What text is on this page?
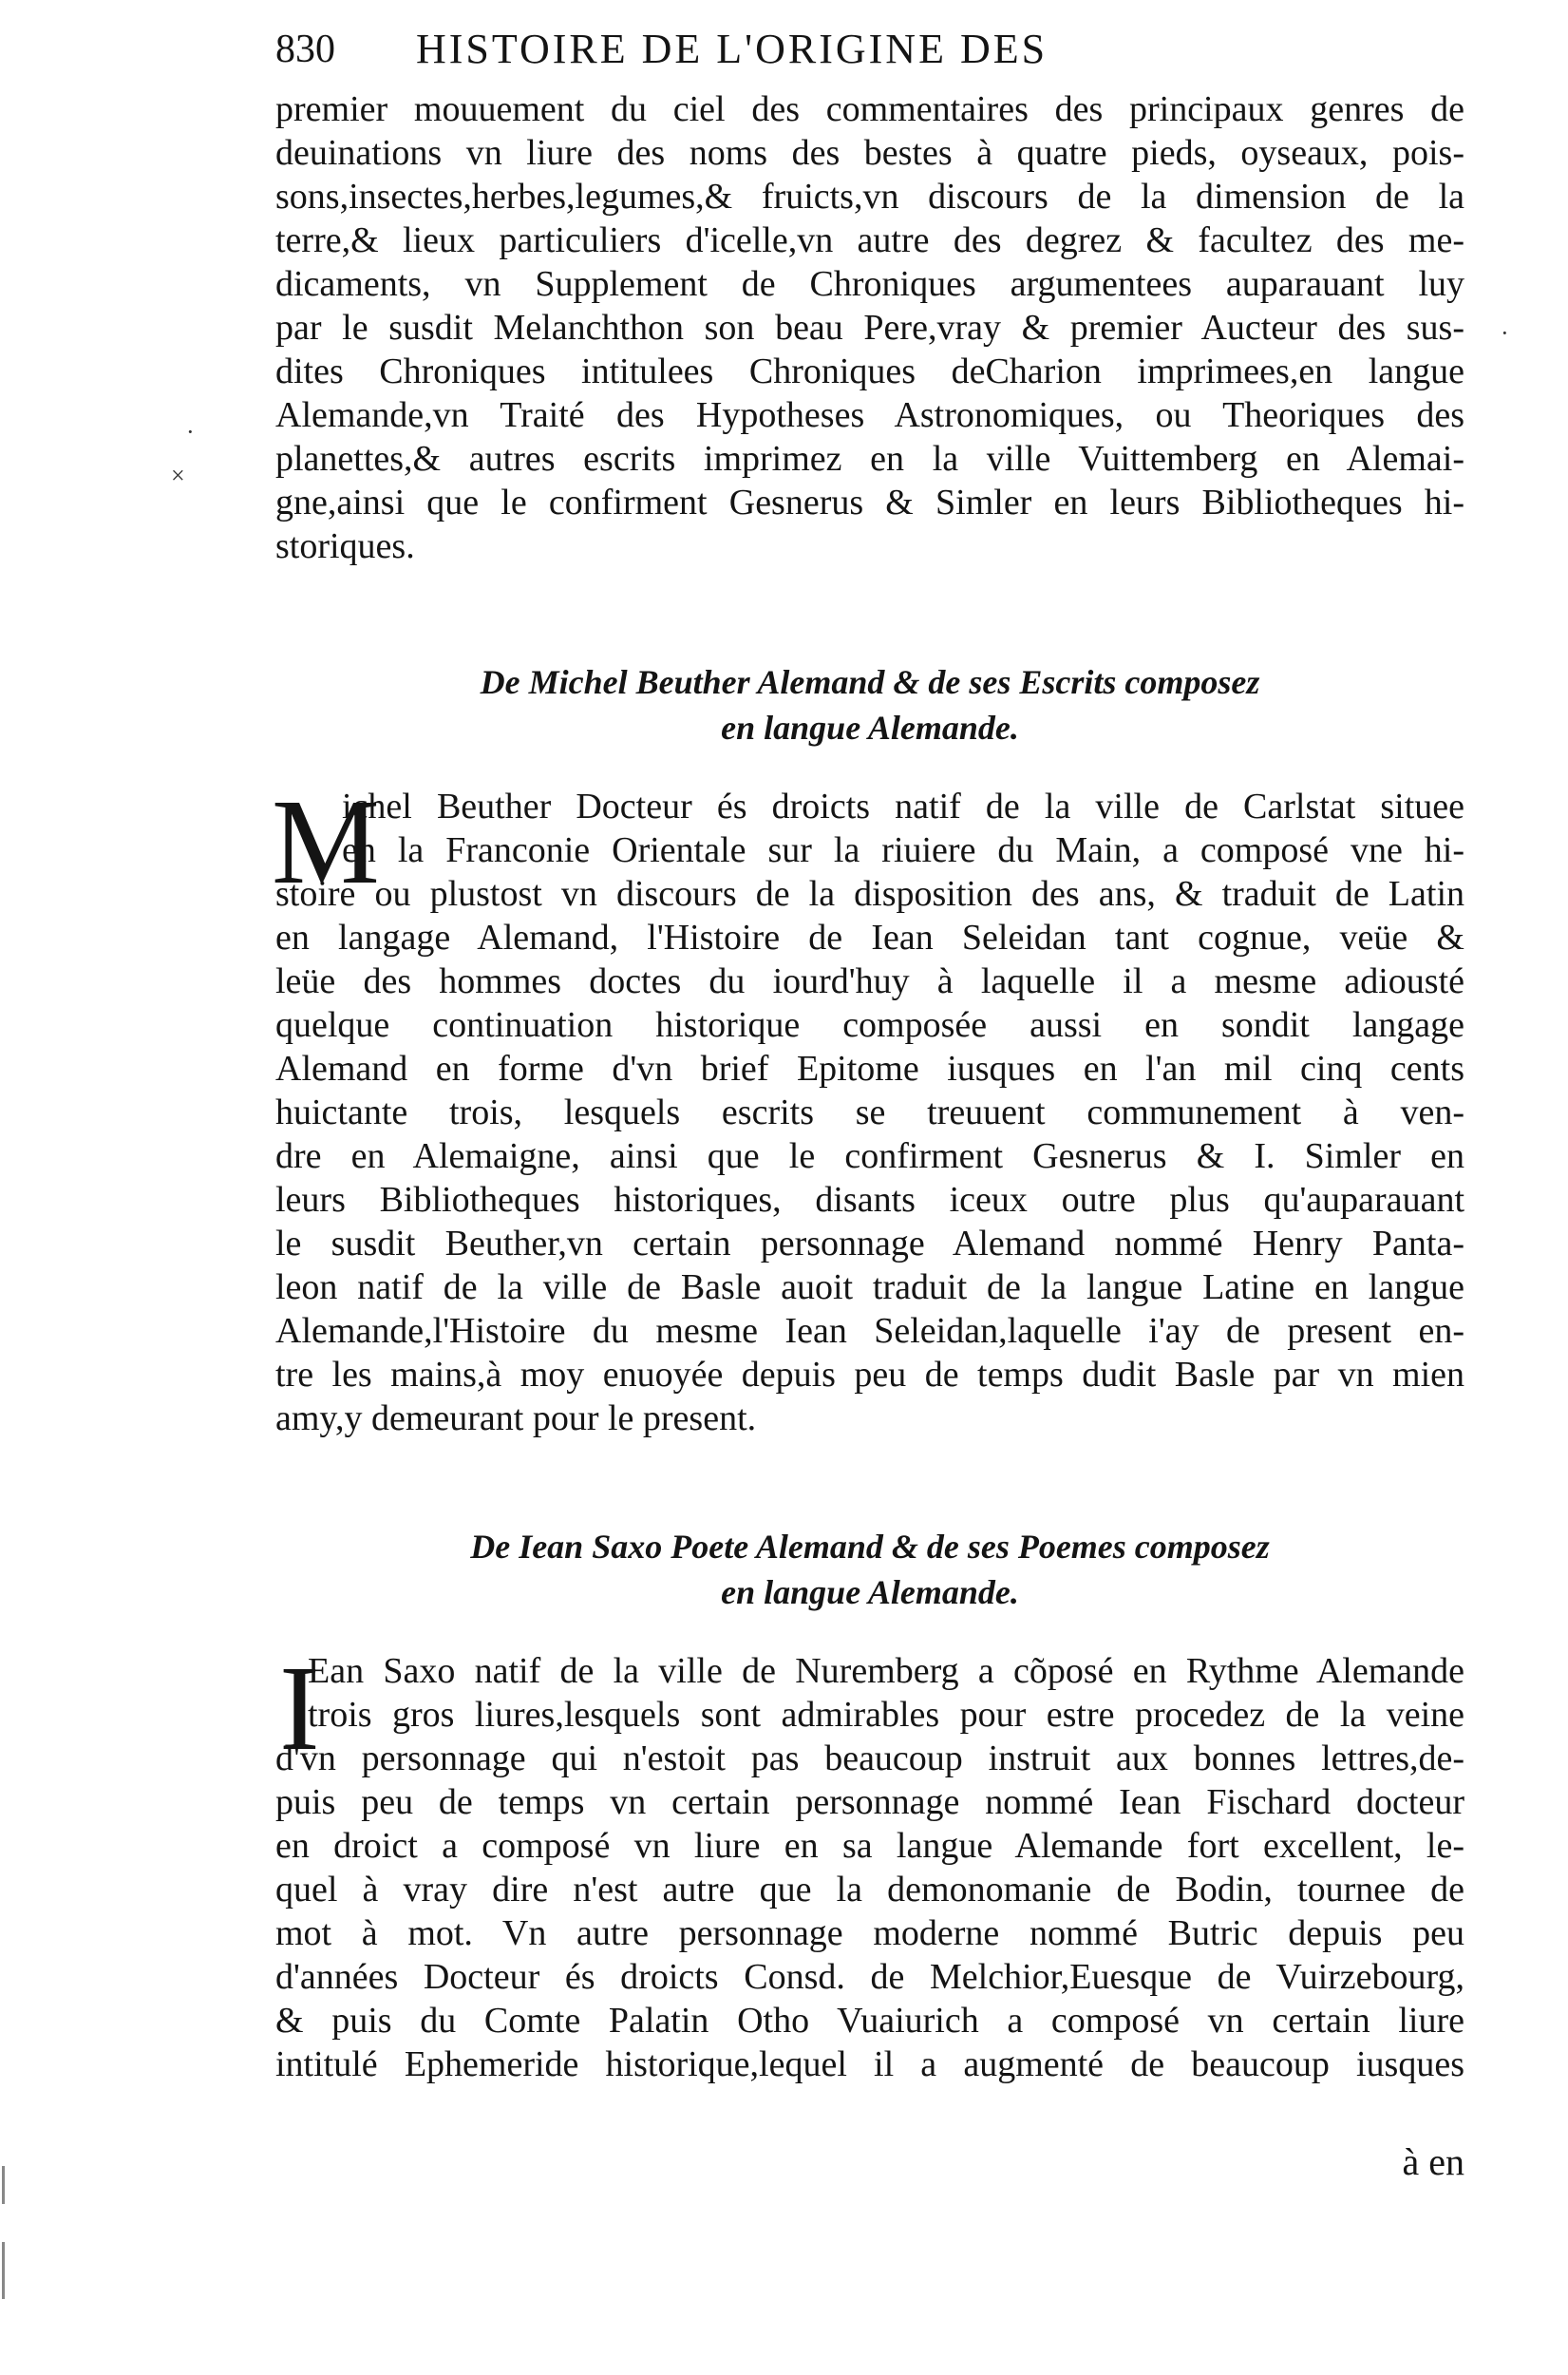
830 HISTOIRE DE L'ORIGINE DES
premier mouuement du ciel des commentaires des principaux genres de
deuinations vn liure des noms des bestes à quatre pieds, oyseaux, pois-
sons,insectes,herbes,legumes,& fruicts,vn discours de la dimension de la
terre,& lieux particuliers d'icelle,vn autre des degrez & facultez des me-
dicaments, vn Supplement de Chroniques argumentees auparauant luy
par le susdit Melanchthon son beau Pere,vray & premier Aucteur des sus-
dites Chroniques intitulees Chroniques deCharion imprimees,en langue
Alemande,vn Traité des Hypotheses Astronomiques, ou Theoriques des
planettes,& autres escrits imprimez en la ville Vuittemberg en Alemai-
gne,ainsi que le confirment Gesnerus & Simler en leurs Bibliotheques hi-
storiques.
De Michel Beuther Alemand & de ses Escrits composez
en langue Alemande.
M
ichel Beuther Docteur és droicts natif de la ville de Carlstat situee
en la Franconie Orientale sur la riuiere du Main, a composé vne hi-
stoire ou plustost vn discours de la disposition des ans, & traduit de Latin
en langage Alemand, l'Histoire de Iean Seleidan tant cognue, veüe &
leüe des hommes doctes du iourd'huy à laquelle il a mesme adiousté
quelque continuation historique composée aussi en sondit langage
Alemand en forme d'vn brief Epitome iusques en l'an mil cinq cents
huictante trois, lesquels escrits se treuuent communement à ven-
dre en Alemaigne, ainsi que le confirment Gesnerus & I. Simler en
leurs Bibliotheques historiques, disants iceux outre plus qu'auparauant
le susdit Beuther,vn certain personnage Alemand nommé Henry Panta-
leon natif de la ville de Basle auoit traduit de la langue Latine en langue
Alemande,l'Histoire du mesme Iean Seleidan,laquelle i'ay de present en-
tre les mains,à moy enuoyée depuis peu de temps dudit Basle par vn mien
amy,y demeurant pour le present.
De Iean Saxo Poete Alemand & de ses Poemes composez
en langue Alemande.
I
Ean Saxo natif de la ville de Nuremberg a cõposé en Rythme Alemande
trois gros liures,lesquels sont admirables pour estre procedez de la veine
d'vn personnage qui n'estoit pas beaucoup instruit aux bonnes lettres,de-
puis peu de temps vn certain personnage nommé Iean Fischard docteur
en droict a composé vn liure en sa langue Alemande fort excellent, le-
quel à vray dire n'est autre que la demonomanie de Bodin, tournee de
mot à mot. Vn autre personnage moderne nommé Butric depuis peu
d'années Docteur és droicts Consd. de Melchior,Euesque de Vuirzebourg,
& puis du Comte Palatin Otho Vuaiurich a composé vn certain liure
intitulé Ephemeride historique,lequel il a augmenté de beaucoup iusques
à en
·
×
·
